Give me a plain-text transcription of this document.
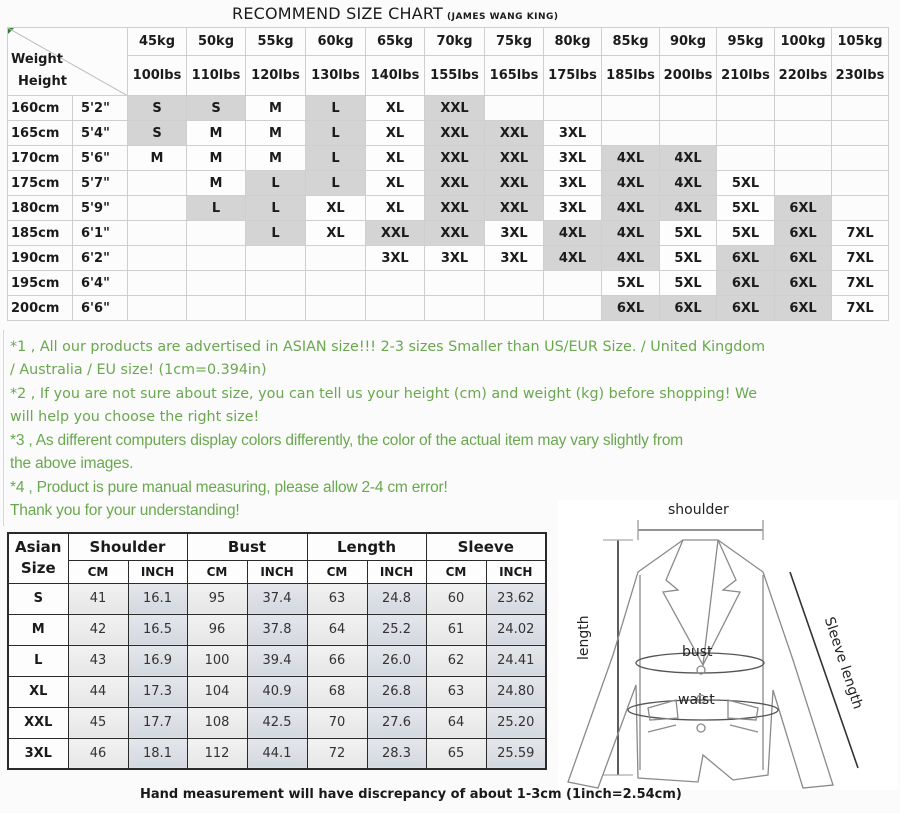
RECOMMEND SIZE CHART (JAMES WANG KING)
Weight
Height		45kg	50kg	55kg	60kg	65kg	70kg	75kg	80kg	85kg	90kg	95kg	100kg	105kg
		100lbs	110lbs	120lbs	130lbs	140lbs	155lbs	165lbs	175lbs	185lbs	200lbs	210lbs	220lbs	230lbs
160cm	5'2"	S	S	M	L	XL	XXL							
165cm	5'4"	S	M	M	L	XL	XXL	XXL	3XL					
170cm	5'6"	M	M	M	L	XL	XXL	XXL	3XL	4XL	4XL			
175cm	5'7"		M	L	L	XL	XXL	XXL	3XL	4XL	4XL	5XL		
180cm	5'9"		L	L	XL	XL	XXL	XXL	3XL	4XL	4XL	5XL	6XL	
185cm	6'1"			L	XL	XXL	XXL	3XL	4XL	4XL	5XL	5XL	6XL	7XL
190cm	6'2"					3XL	3XL	3XL	4XL	4XL	5XL	6XL	6XL	7XL
195cm	6'4"									5XL	5XL	6XL	6XL	7XL
200cm	6'6"									6XL	6XL	6XL	6XL	7XL
*1 , All our products are advertised in ASIAN size!!! 2-3 sizes Smaller than US/EUR Size. / United Kingdom
/ Australia / EU size! (1cm=0.394in)
*2 , If you are not sure about size, you can tell us your height (cm) and weight (kg) before shopping! We
will help you choose the right size!
*3 , As different computers display colors differently, the color of the actual item may vary slightly from
the above images.
*4 , Product is pure manual measuring, please allow 2-4 cm error!
Thank you for your understanding!
Asian
Size	Shoulder		Bust		Length		Sleeve	
	CM	INCH	CM	INCH	CM	INCH	CM	INCH
S	41	16.1	95	37.4	63	24.8	60	23.62
M	42	16.5	96	37.8	64	25.2	61	24.02
L	43	16.9	100	39.4	66	26.0	62	24.41
XL	44	17.3	104	40.9	68	26.8	63	24.80
XXL	45	17.7	108	42.5	70	27.6	64	25.20
3XL	46	18.1	112	44.1	72	28.3	65	25.59
shoulder
length	bust
waist	Sleeve length
Hand measurement will have discrepancy of about 1-3cm (1inch=2.54cm)
